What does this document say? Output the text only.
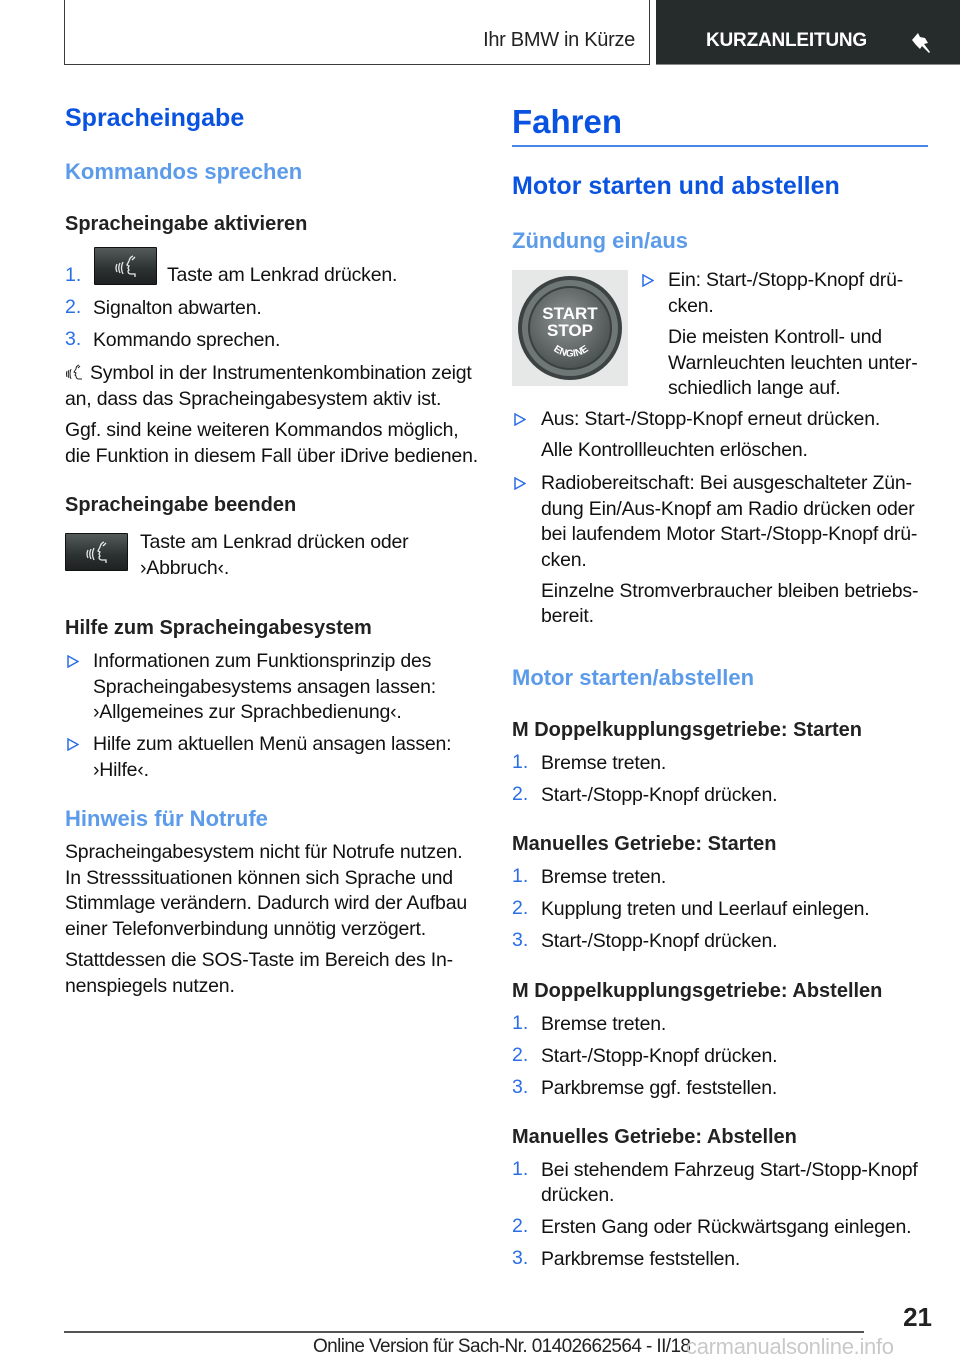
Ihr BMW in Kürze	KURZANLEITUNG
Spracheingabe
Kommandos sprechen
Spracheingabe aktivieren
1.	Taste am Lenkrad drücken.
2. Signalton abwarten.
3. Kommando sprechen.
Symbol in der Instrumentenkombination zeigt
an, dass das Spracheingabesystem aktiv ist.
Ggf. sind keine weiteren Kommandos möglich,
die Funktion in diesem Fall über iDrive bedienen.
Spracheingabe beenden
Taste am Lenkrad drücken oder
›Abbruch‹.
Hilfe zum Spracheingabesystem
Informationen zum Funktionsprinzip des
Spracheingabesystems ansagen lassen:
›Allgemeines zur Sprachbedienung‹.
Hilfe zum aktuellen Menü ansagen lassen:
›Hilfe‹.
Hinweis für Notrufe
Spracheingabesystem nicht für Notrufe nutzen.
In Stresssituationen können sich Sprache und
Stimmlage verändern. Dadurch wird der Aufbau
einer Telefonverbindung unnötig verzögert.
Stattdessen die SOS-Taste im Bereich des In-
nenspiegels nutzen.
Fahren
Motor starten und abstellen
Zündung ein/aus
START
STOP
ENGINE
Ein: Start-/Stopp-Knopf drü-
cken.
Die meisten Kontroll- und
Warnleuchten leuchten unter-
schiedlich lange auf.
Aus: Start-/Stopp-Knopf erneut drücken.
Alle Kontrollleuchten erlöschen.
Radiobereitschaft: Bei ausgeschalteter Zün-
dung Ein/Aus-Knopf am Radio drücken oder
bei laufendem Motor Start-/Stopp-Knopf drü-
cken.
Einzelne Stromverbraucher bleiben betriebs-
bereit.
Motor starten/abstellen
M Doppelkupplungsgetriebe: Starten
1. Bremse treten.
2. Start-/Stopp-Knopf drücken.
Manuelles Getriebe: Starten
1. Bremse treten.
2. Kupplung treten und Leerlauf einlegen.
3. Start-/Stopp-Knopf drücken.
M Doppelkupplungsgetriebe: Abstellen
1. Bremse treten.
2. Start-/Stopp-Knopf drücken.
3. Parkbremse ggf. feststellen.
Manuelles Getriebe: Abstellen
1. Bei stehendem Fahrzeug Start-/Stopp-Knopf
drücken.
2. Ersten Gang oder Rückwärtsgang einlegen.
3. Parkbremse feststellen.
21
Online Version für Sach-Nr. 01402662564 - II/18
carmanualsonline.info
